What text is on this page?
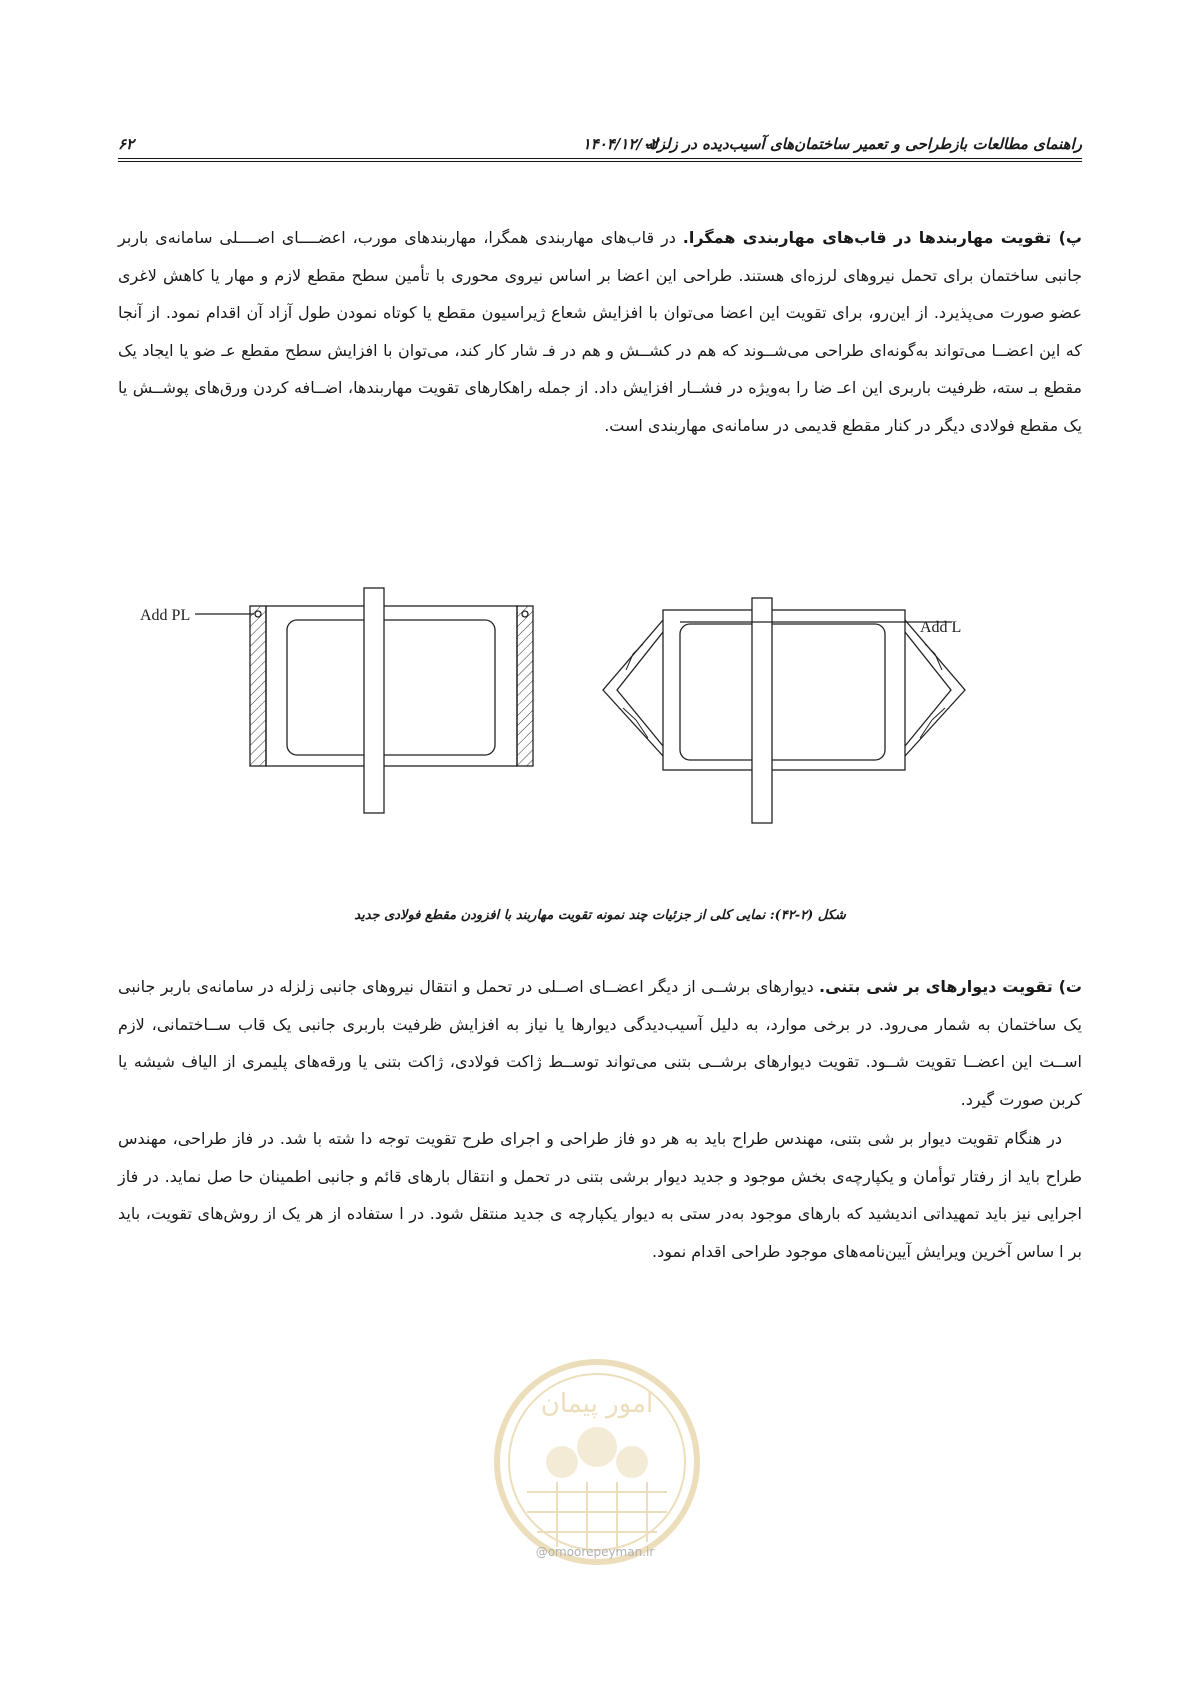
راهنمای مطالعات بازطراحی و تعمیر ساختمان‌های آسیب‌دیده در زلزله
۱۴۰۴/۱۲/۰۲
۶۲
پ) تقویت مهاربندها در قاب‌های مهاربندی همگرا. در قاب‌های مهاربندی همگرا، مهاربندهای مورب، اعضــــای اصــــلی سامانه‌ی باربر جانبی ساختمان برای تحمل نیروهای لرزه‌ای هستند. طراحی این اعضا بر اساس نیروی محوری با تأمین سطح مقطع لازم و مهار یا کاهش لاغری عضو صورت می‌پذیرد. از این‌رو، برای تقویت این اعضا می‌توان با افزایش شعاع ژیراسیون مقطع یا کوتاه نمودن طول آزاد آن اقدام نمود. از آنجا که این اعضــا می‌تواند به‌گونه‌ای طراحی می‌شــوند که هم در کشــش و هم در فـ شار کار کند، می‌توان با افزایش سطح مقطع عـ ضو یا ایجاد یک مقطع بـ سته، ظرفیت باربری این اعـ ضا را به‌ویژه در فشــار افزایش داد. از جمله راهکارهای تقویت مهاربندها، اضــافه کردن ورق‌های پوشــش یا یک مقطع فولادی دیگر در کنار مقطع قدیمی در سامانه‌ی مهاربندی است.
Add PL
Add L
شکل (۲-۴۲): نمایی کلی از جزئیات چند نمونه تقویت مهاربند با افزودن مقطع فولادی جدید
ت) تقویت دیوارهای بر شی بتنی. دیوارهای برشــی از دیگر اعضــای اصــلی در تحمل و انتقال نیروهای جانبی زلزله در سامانه‌ی باربر جانبی یک ساختمان به شمار می‌رود. در برخی موارد، به دلیل آسیب‌دیدگی دیوارها یا نیاز به افزایش ظرفیت باربری جانبی یک قاب ســاختمانی، لازم اســت این اعضــا تقویت شــود. تقویت دیوارهای برشــی بتنی می‌تواند توســط ژاکت فولادی، ژاکت بتنی یا ورقه‌های پلیمری از الیاف شیشه یا کربن صورت گیرد.
در هنگام تقویت دیوار بر شی بتنی، مهندس طراح باید به هر دو فاز طراحی و اجرای طرح تقویت توجه دا شته با شد. در فاز طراحی، مهندس طراح باید از رفتار توأمان و یکپارچه‌ی بخش موجود و جدید دیوار برشی بتنی در تحمل و انتقال بارهای قائم و جانبی اطمینان حا صل نماید. در فاز اجرایی نیز باید تمهیداتی اندیشید که بارهای موجود به‌در ستی به دیوار یکپارچه ی جدید منتقل شود. در ا ستفاده از هر یک از روش‌های تقویت، باید بر ا ساس آخرین ویرایش آیین‌نامه‌های موجود طراحی اقدام نمود.
امور پیمان
@omoorepeyman.ir
